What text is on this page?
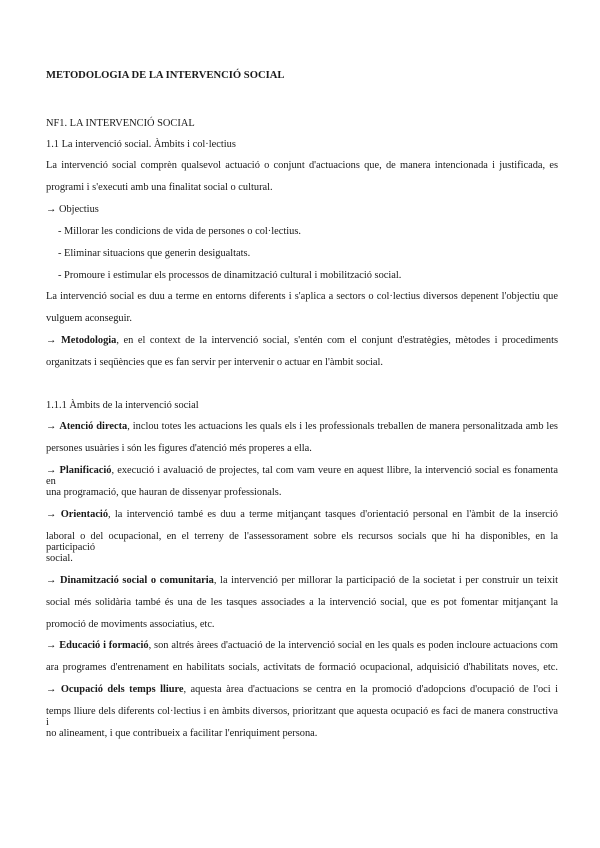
METODOLOGIA DE LA INTERVENCIÓ SOCIAL
NF1. LA INTERVENCIÓ SOCIAL
1.1 La intervenció social. Àmbits i col·lectius
La intervenció social comprèn qualsevol actuació o conjunt d'actuacions que, de manera intencionada i justificada, es
programi i s'executi amb una finalitat social o cultural.
→ Objectius
- Millorar les condicions de vida de persones o col·lectius.
- Eliminar situacions que generin desigualtats.
- Promoure i estimular els processos de dinamització cultural i mobilització social.
La intervenció social es duu a terme en entorns diferents i s'aplica a sectors o col·lectius diversos depenent l'objectiu que
vulguem aconseguir.
→ Metodologia, en el context de la intervenció social, s'entén com el conjunt d'estratègies, mètodes i procediments
organitzats i seqüències que es fan servir per intervenir o actuar en l'àmbit social.
1.1.1 Àmbits de la intervenció social
→ Atenció directa, inclou totes les actuacions les quals els i les professionals treballen de manera personalitzada amb les
persones usuàries i són les figures d'atenció més properes a ella.
→ Planificació, execució i avaluació de projectes, tal com vam veure en aquest llibre, la intervenció social es fonamenta en
una programació, que hauran de dissenyar professionals.
→ Orientació, la intervenció també es duu a terme mitjançant tasques d'orientació personal en l'àmbit de la inserció
laboral o del ocupacional, en el terreny de l'assessorament sobre els recursos socials que hi ha disponibles, en la participació
social.
→ Dinamització social o comunitaria, la intervenció per millorar la participació de la societat i per construir un teixit
social més solidària també és una de les tasques associades a la intervenció social, que es pot fomentar mitjançant la
promoció de moviments associatius, etc.
→ Educació i formació, son altrés àrees d'actuació de la intervenció social en les quals es poden incloure actuacions com
ara programes d'entrenament en habilitats socials, activitats de formació ocupacional, adquisició d'habilitats noves, etc.
→ Ocupació dels temps lliure, aquesta àrea d'actuacions se centra en la promoció d'adopcions d'ocupació de l'oci i
temps lliure dels diferents col·lectius i en àmbits diversos, prioritzant que aquesta ocupació es faci de manera constructiva i
no alineament, i que contribueix a facilitar l'enriquiment persona.
